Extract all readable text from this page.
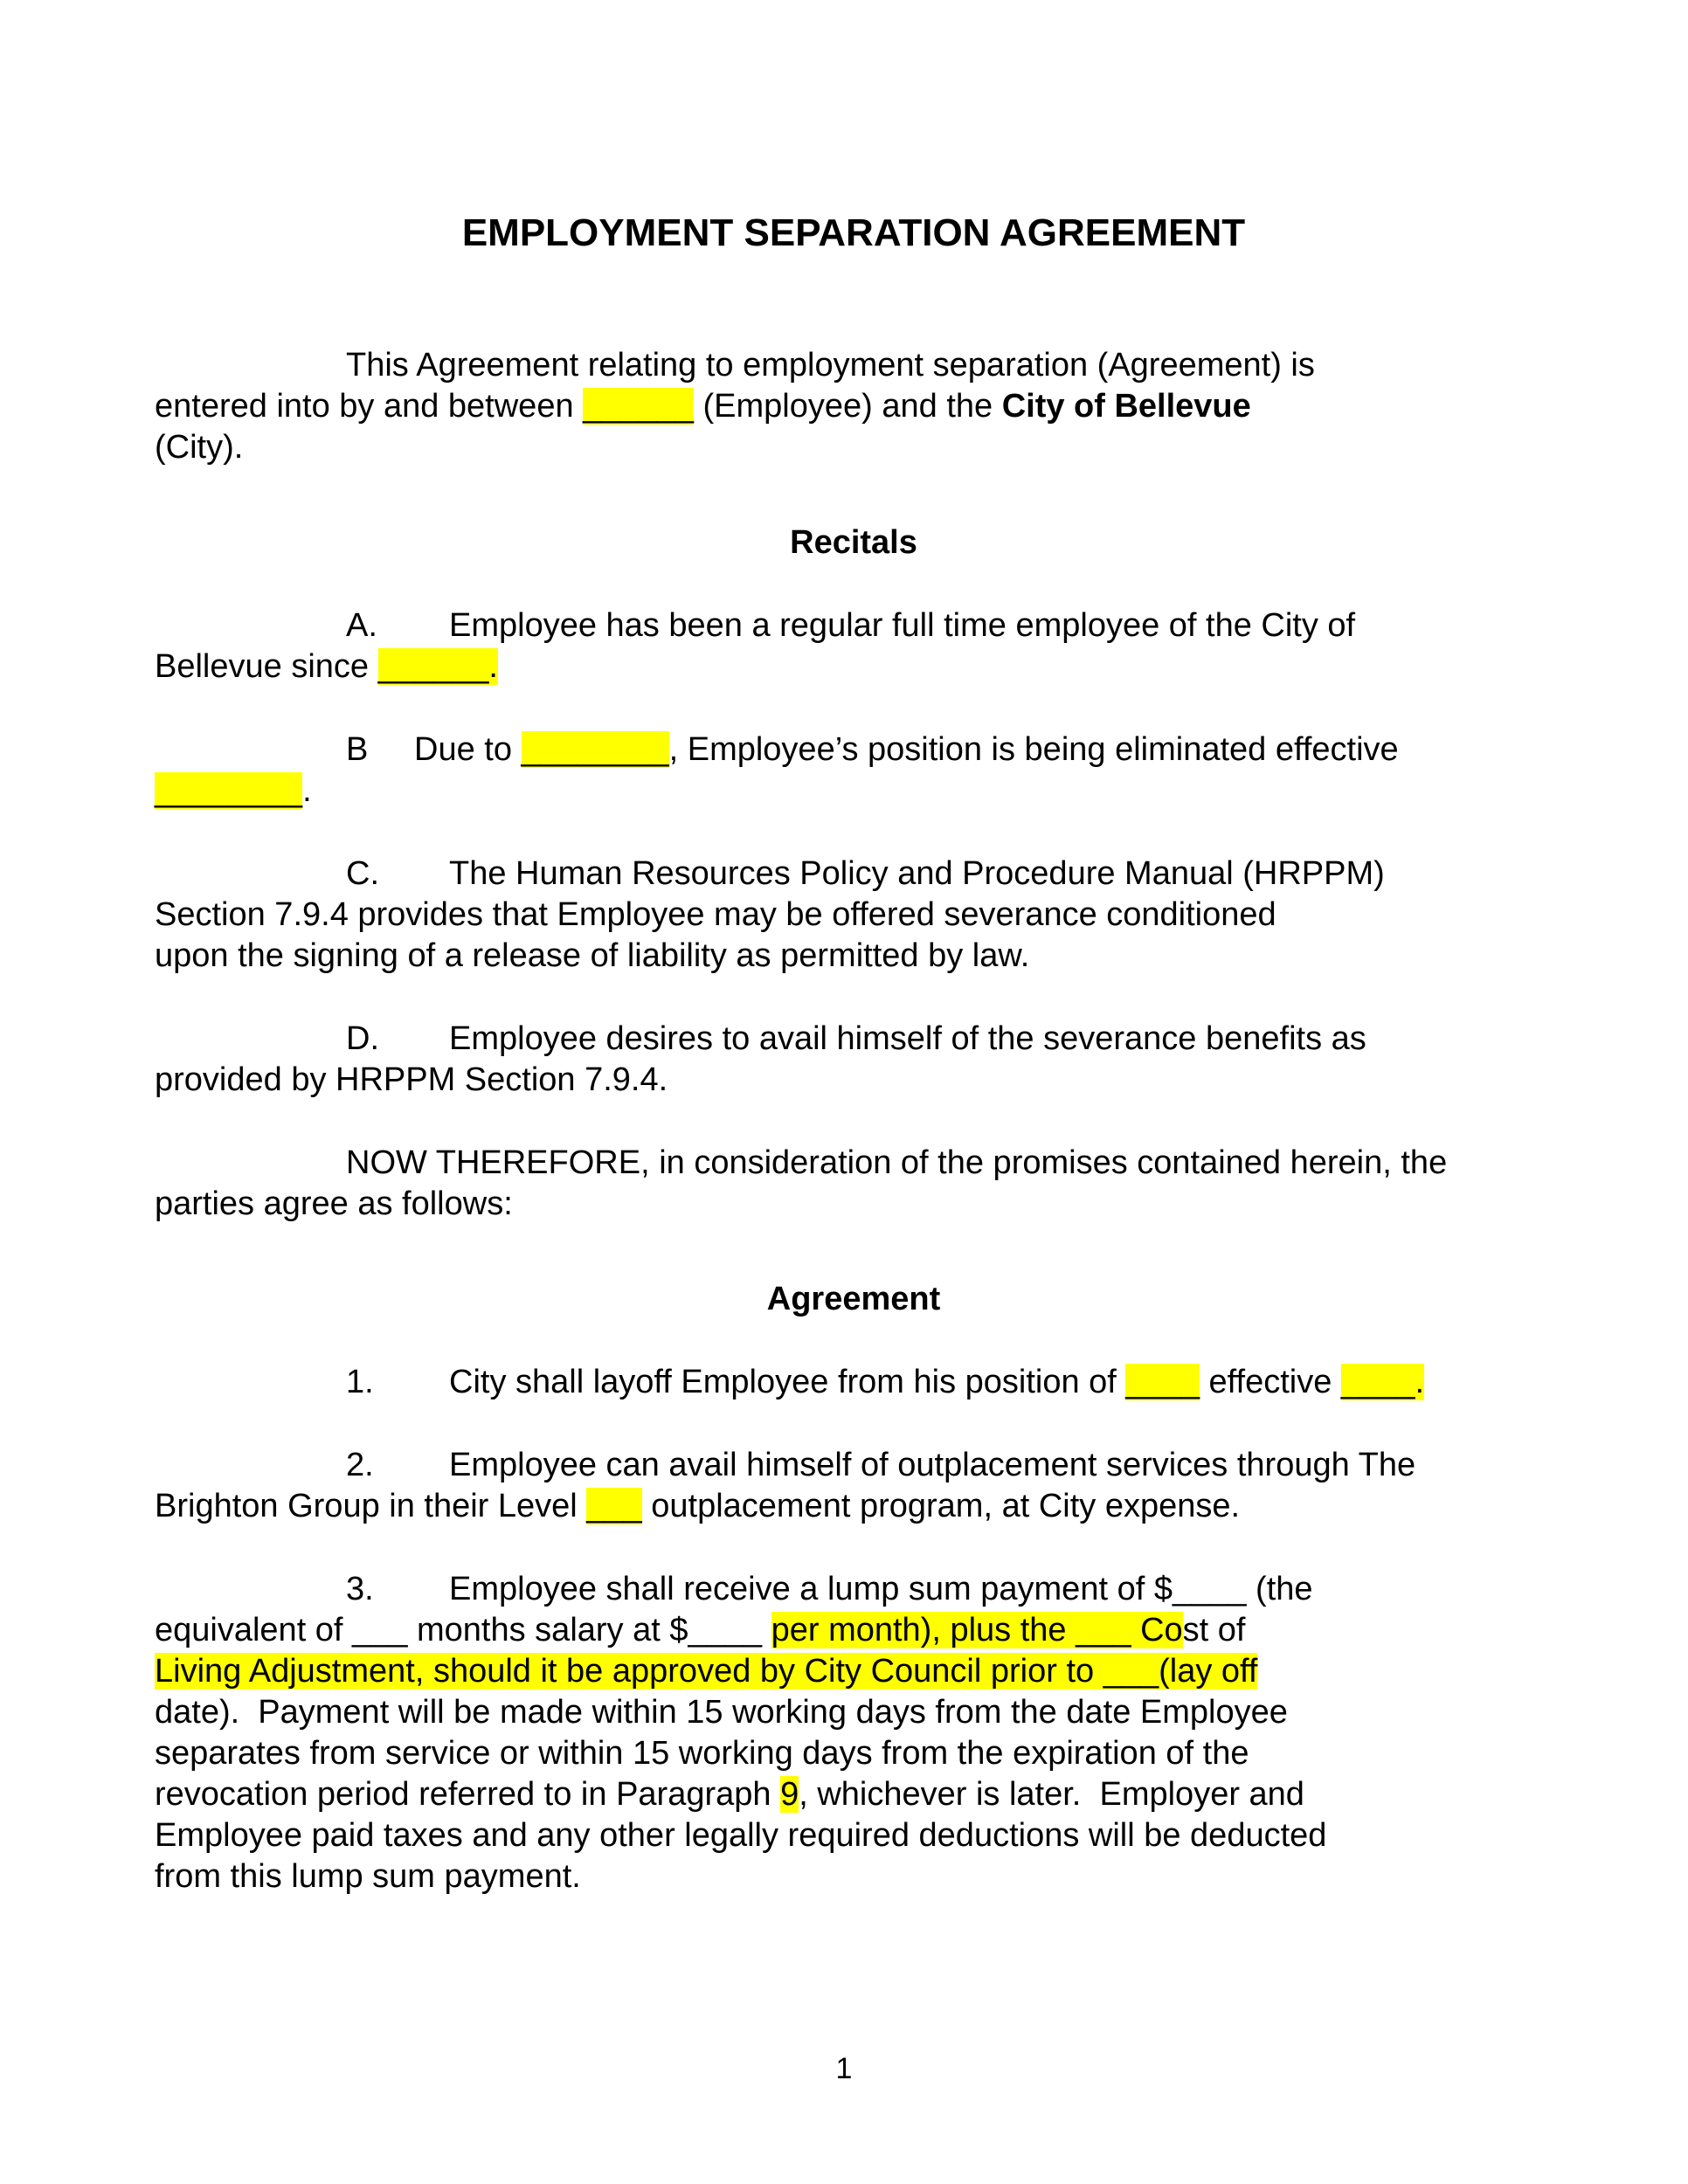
EMPLOYMENT SEPARATION AGREEMENT
This Agreement relating to employment separation (Agreement) is
entered into by and between ______ (Employee) and the City of Bellevue
(City).
Recitals
A. Employee has been a regular full time employee of the City of
Bellevue since ______.
B Due to ________, Employee’s position is being eliminated effective
________.
C. The Human Resources Policy and Procedure Manual (HRPPM)
Section 7.9.4 provides that Employee may be offered severance conditioned
upon the signing of a release of liability as permitted by law.
D. Employee desires to avail himself of the severance benefits as
provided by HRPPM Section 7.9.4.
NOW THEREFORE, in consideration of the promises contained herein, the
parties agree as follows:
Agreement
1. City shall layoff Employee from his position of ____ effective ____.
2. Employee can avail himself of outplacement services through The
Brighton Group in their Level ___ outplacement program, at City expense.
3. Employee shall receive a lump sum payment of $____ (the
equivalent of ___ months salary at $____ per month), plus the ___ Cost of
Living Adjustment, should it be approved by City Council prior to ___(lay off
date).  Payment will be made within 15 working days from the date Employee
separates from service or within 15 working days from the expiration of the
revocation period referred to in Paragraph 9, whichever is later.  Employer and
Employee paid taxes and any other legally required deductions will be deducted
from this lump sum payment.
1
